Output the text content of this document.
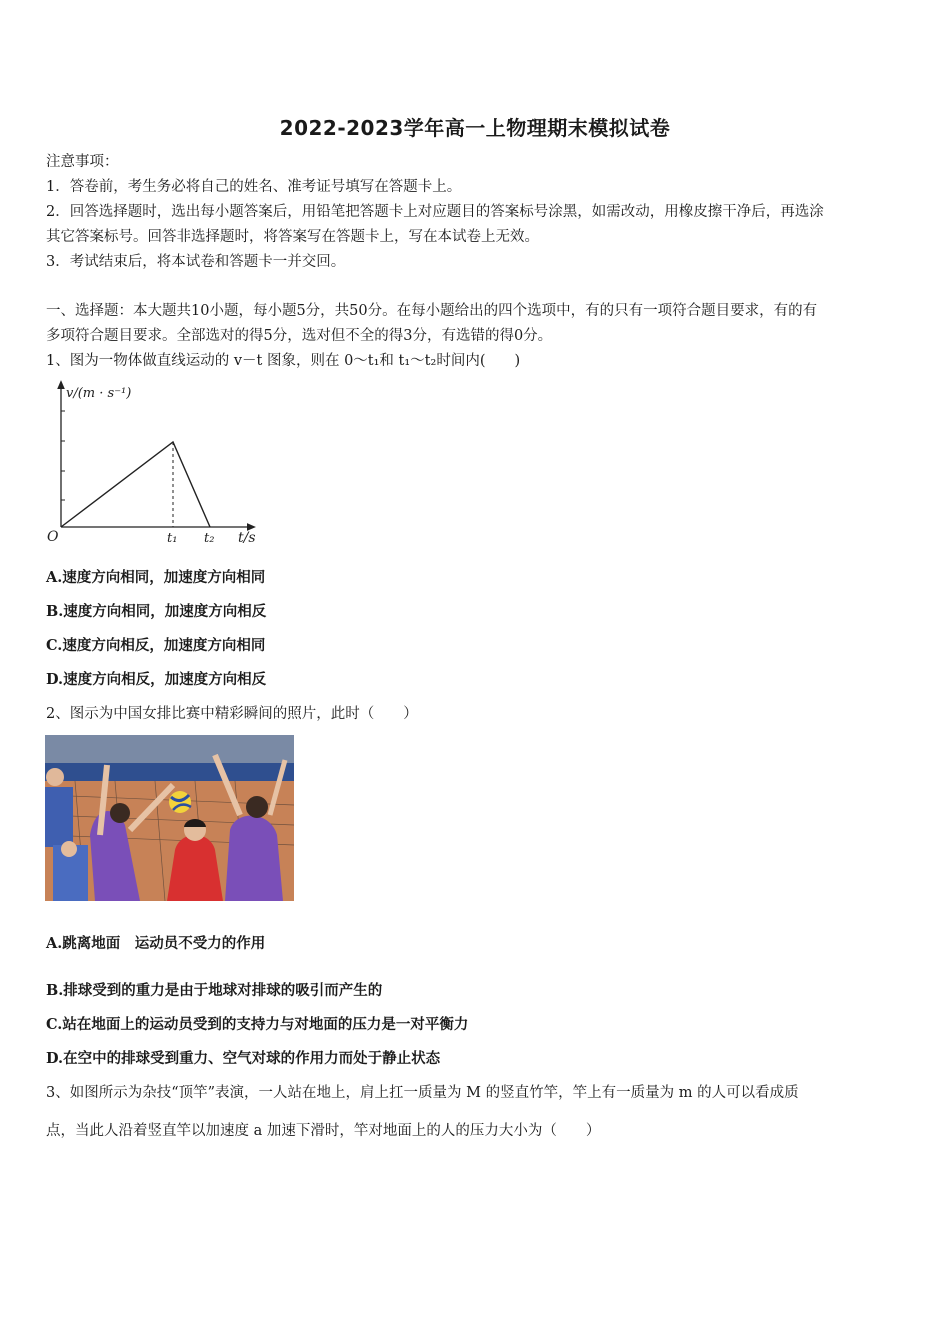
2022-2023学年高一上物理期末模拟试卷
注意事项：
1．答卷前，考生务必将自己的姓名、准考证号填写在答题卡上。
2．回答选择题时，选出每小题答案后，用铅笔把答题卡上对应题目的答案标号涂黑，如需改动，用橡皮擦干净后，再选涂
其它答案标号。回答非选择题时，将答案写在答题卡上，写在本试卷上无效。
3．考试结束后，将本试卷和答题卡一并交回。
一、选择题：本大题共10小题，每小题5分，共50分。在每小题给出的四个选项中，有的只有一项符合题目要求，有的有
多项符合题目要求。全部选对的得5分，选对但不全的得3分，有选错的得0分。
1、图为一物体做直线运动的 v－t 图象，则在 0～t₁和 t₁～t₂时间内(　　)
v/(m · s⁻¹)
O	t₁ t₂ t/s
A.速度方向相同，加速度方向相同
B.速度方向相同，加速度方向相反
C.速度方向相反，加速度方向相同
D.速度方向相反，加速度方向相反
2、图示为中国女排比赛中精彩瞬间的照片，此时（　　）
A.跳离地面　运动员不受力的作用
B.排球受到的重力是由于地球对排球的吸引而产生的
C.站在地面上的运动员受到的支持力与对地面的压力是一对平衡力
D.在空中的排球受到重力、空气对球的作用力而处于静止状态
3、如图所示为杂技“顶竿”表演，一人站在地上，肩上扛一质量为 M 的竖直竹竿，竿上有一质量为 m 的人可以看成质
点，当此人沿着竖直竿以加速度 a 加速下滑时，竿对地面上的人的压力大小为（　　）
